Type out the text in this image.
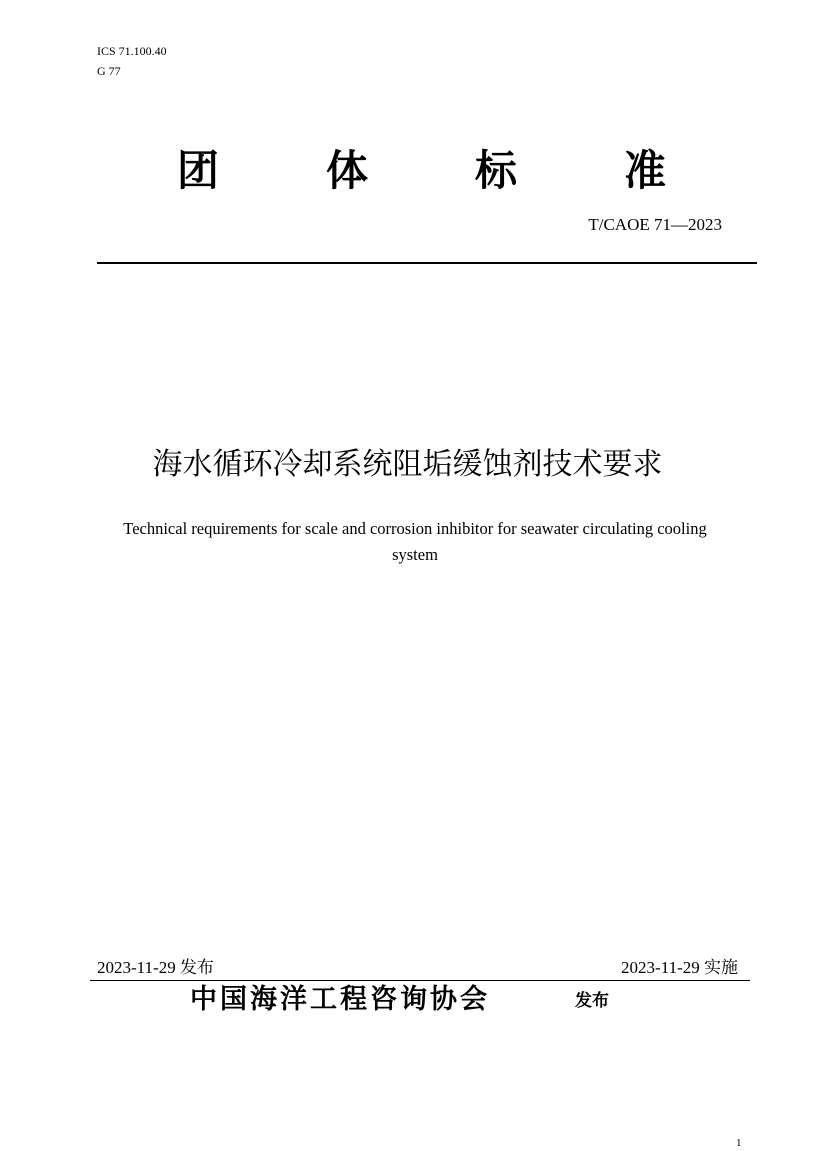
ICS 71.100.40
G 77
团	体	标	准
T/CAOE 71—2023
海水循环冷却系统阻垢缓蚀剂技术要求
Technical requirements for scale and corrosion inhibitor for seawater circulating cooling system
2023-11-29 发布	2023-11-29 实施
中国海洋工程咨询协会	发布
1
